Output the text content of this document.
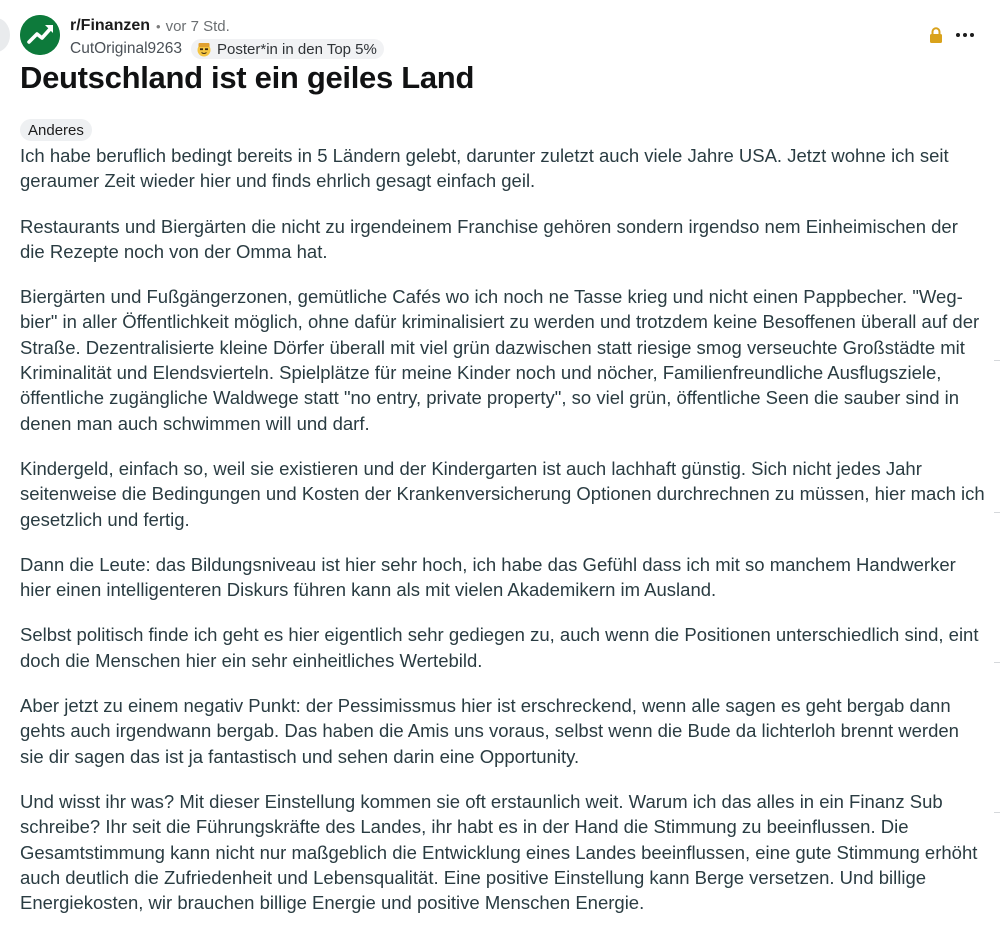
r/Finanzen • vor 7 Std.
CutOriginal9263 Poster*in in den Top 5%
Deutschland ist ein geiles Land
Anderes

Ich habe beruflich bedingt bereits in 5 Ländern gelebt, darunter zuletzt auch viele Jahre USA. Jetzt wohne ich seit geraumer Zeit wieder hier und finds ehrlich gesagt einfach geil.

Restaurants und Biergärten die nicht zu irgendeinem Franchise gehören sondern irgendso nem Einheimischen der die Rezepte noch von der Omma hat.

Biergärten und Fußgängerzonen, gemütliche Cafés wo ich noch ne Tasse krieg und nicht einen Pappbecher. "Weg-bier" in aller Öffentlichkeit möglich, ohne dafür kriminalisiert zu werden und trotzdem keine Besoffenen überall auf der Straße. Dezentralisierte kleine Dörfer überall mit viel grün dazwischen statt riesige smog verseuchte Großstädte mit Kriminalität und Elendsvierteln. Spielplätze für meine Kinder noch und nöcher, Familienfreundliche Ausflugsziele, öffentliche zugängliche Waldwege statt "no entry, private property", so viel grün, öffentliche Seen die sauber sind in denen man auch schwimmen will und darf.

Kindergeld, einfach so, weil sie existieren und der Kindergarten ist auch lachhaft günstig. Sich nicht jedes Jahr seitenweise die Bedingungen und Kosten der Krankenversicherung Optionen durchrechnen zu müssen, hier mach ich gesetzlich und fertig.

Dann die Leute: das Bildungsniveau ist hier sehr hoch, ich habe das Gefühl dass ich mit so manchem Handwerker hier einen intelligenteren Diskurs führen kann als mit vielen Akademikern im Ausland.

Selbst politisch finde ich geht es hier eigentlich sehr gediegen zu, auch wenn die Positionen unterschiedlich sind, eint doch die Menschen hier ein sehr einheitliches Wertebild.

Aber jetzt zu einem negativ Punkt: der Pessimissmus hier ist erschreckend, wenn alle sagen es geht bergab dann gehts auch irgendwann bergab. Das haben die Amis uns voraus, selbst wenn die Bude da lichterloh brennt werden sie dir sagen das ist ja fantastisch und sehen darin eine Opportunity.

Und wisst ihr was? Mit dieser Einstellung kommen sie oft erstaunlich weit. Warum ich das alles in ein Finanz Sub schreibe? Ihr seit die Führungskräfte des Landes, ihr habt es in der Hand die Stimmung zu beeinflussen. Die Gesamtstimmung kann nicht nur maßgeblich die Entwicklung eines Landes beeinflussen, eine gute Stimmung erhöht auch deutlich die Zufriedenheit und Lebensqualität. Eine positive Einstellung kann Berge versetzen. Und billige Energiekosten, wir brauchen billige Energie und positive Menschen Energie.
